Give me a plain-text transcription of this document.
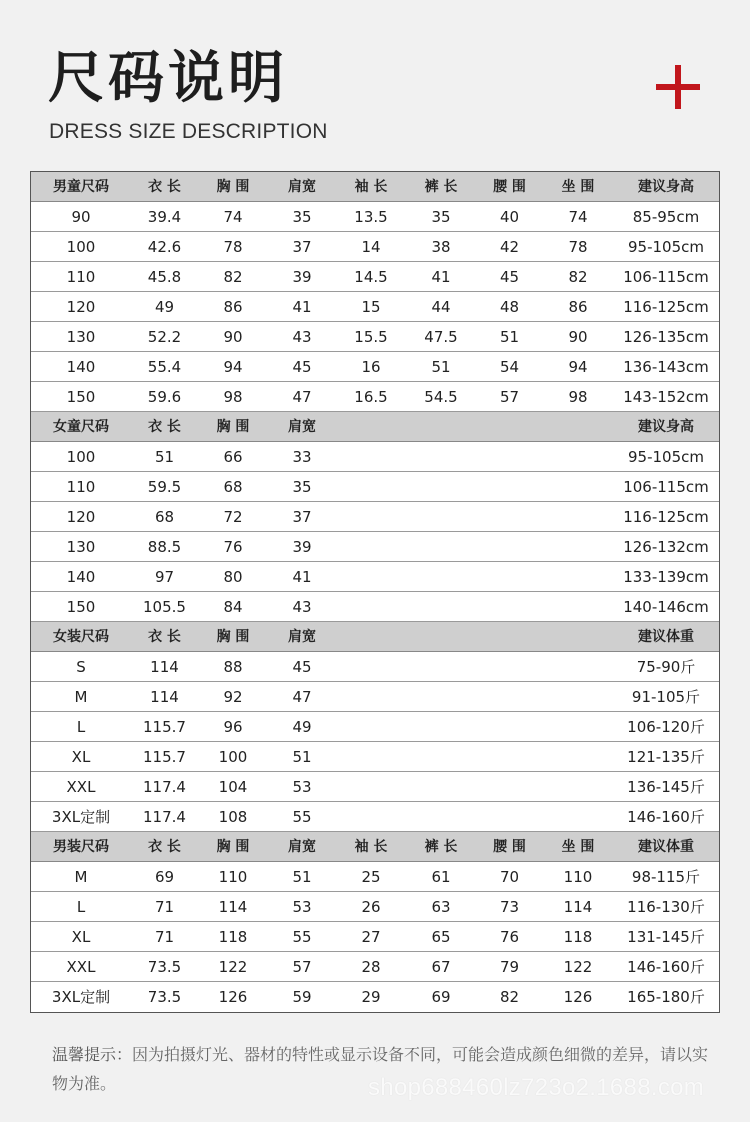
尺码说明
DRESS SIZE DESCRIPTION
男童尺码	衣 长	胸 围	肩宽	袖 长	裤 长	腰 围	坐 围	建议身高
90	39.4	74	35	13.5	35	40	74	85-95cm
100	42.6	78	37	14	38	42	78	95-105cm
110	45.8	82	39	14.5	41	45	82	106-115cm
120	49	86	41	15	44	48	86	116-125cm
130	52.2	90	43	15.5	47.5	51	90	126-135cm
140	55.4	94	45	16	51	54	94	136-143cm
150	59.6	98	47	16.5	54.5	57	98	143-152cm
女童尺码	衣 长	胸 围	肩宽	建议身高
100	51	66	33	95-105cm
110	59.5	68	35	106-115cm
120	68	72	37	116-125cm
130	88.5	76	39	126-132cm
140	97	80	41	133-139cm
150	105.5	84	43	140-146cm
女装尺码	衣 长	胸 围	肩宽	建议体重
S	114	88	45	75-90斤
M	114	92	47	91-105斤
L	115.7	96	49	106-120斤
XL	115.7	100	51	121-135斤
XXL	117.4	104	53	136-145斤
3XL定制	117.4	108	55	146-160斤
男装尺码	衣 长	胸 围	肩宽	袖 长	裤 长	腰 围	坐 围	建议体重
M	69	110	51	25	61	70	110	98-115斤
L	71	114	53	26	63	73	114	116-130斤
XL	71	118	55	27	65	76	118	131-145斤
XXL	73.5	122	57	28	67	79	122	146-160斤
3XL定制	73.5	126	59	29	69	82	126	165-180斤
温馨提示：因为拍摄灯光、器材的特性或显示设备不同，可能会造成颜色细微的差异，请以实物为准。	shop688460lz723o2.1688.com
